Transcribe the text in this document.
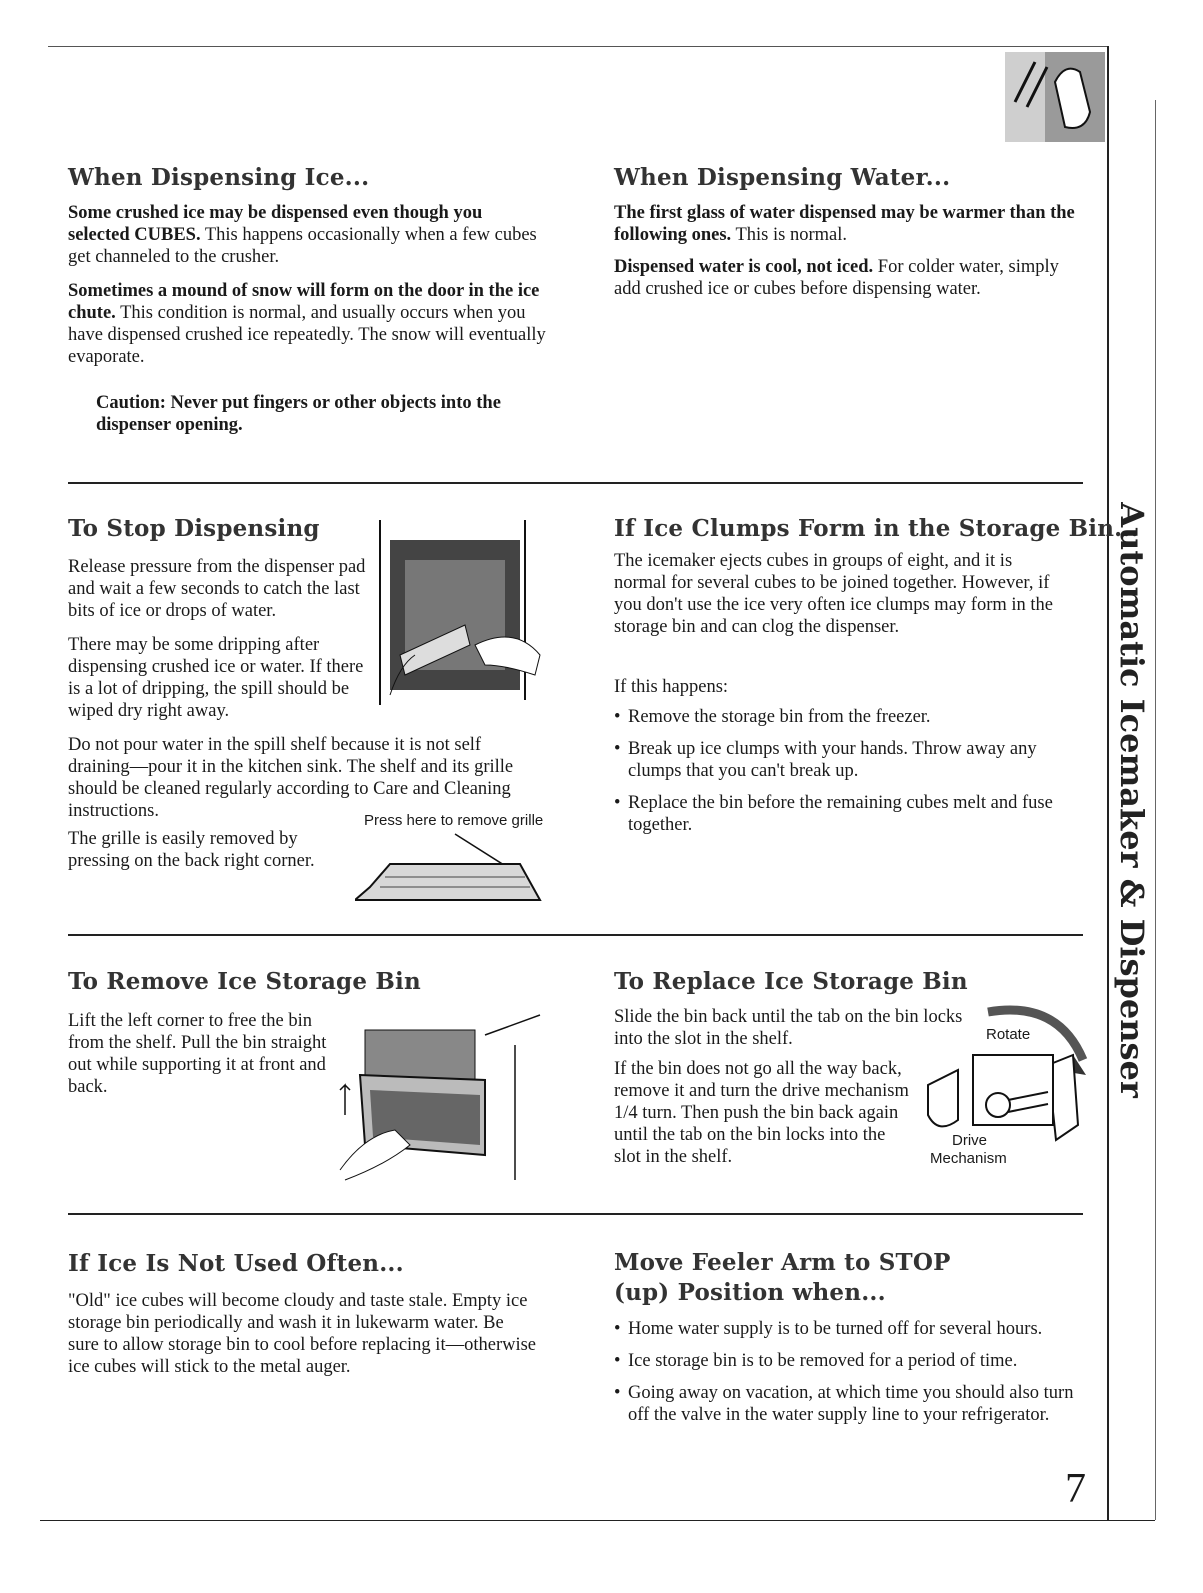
When Dispensing Ice...

Some crushed ice may be dispensed even though you selected CUBES. This happens occasionally when a few cubes get channeled to the crusher.

Sometimes a mound of snow will form on the door in the ice chute. This condition is normal, and usually occurs when you have dispensed crushed ice repeatedly. The snow will eventually evaporate.

Caution: Never put fingers or other objects into the dispenser opening.

When Dispensing Water...

The first glass of water dispensed may be warmer than the following ones. This is normal.

Dispensed water is cool, not iced. For colder water, simply add crushed ice or cubes before dispensing water.

To Stop Dispensing

Release pressure from the dispenser pad and wait a few seconds to catch the last bits of ice or drops of water.

There may be some dripping after dispensing crushed ice or water. If there is a lot of dripping, the spill should be wiped dry right away.

Do not pour water in the spill shelf because it is not self draining—pour it in the kitchen sink. The shelf and its grille should be cleaned regularly according to Care and Cleaning instructions.

The grille is easily removed by pressing on the back right corner.

Press here to remove grille
If Ice Clumps Form in the Storage Bin...

The icemaker ejects cubes in groups of eight, and it is normal for several cubes to be joined together. However, if you don't use the ice very often ice clumps may form in the storage bin and can clog the dispenser.

If this happens:

• Remove the storage bin from the freezer.
• Break up ice clumps with your hands. Throw away any clumps that you can't break up.
• Replace the bin before the remaining cubes melt and fuse together.
To Remove Ice Storage Bin

Lift the left corner to free the bin from the shelf. Pull the bin straight out while supporting it at front and back.

To Replace Ice Storage Bin

Slide the bin back until the tab on the bin locks into the slot in the shelf.

If the bin does not go all the way back, remove it and turn the drive mechanism 1/4 turn. Then push the bin back again until the tab on the bin locks into the slot in the shelf.

Rotate
Drive
Mechanism
If Ice Is Not Used Often...

"Old" ice cubes will become cloudy and taste stale. Empty ice storage bin periodically and wash it in lukewarm water. Be sure to allow storage bin to cool before replacing it—otherwise ice cubes will stick to the metal auger.

Move Feeler Arm to STOP (up) Position when...
• Home water supply is to be turned off for several hours.
• Ice storage bin is to be removed for a period of time.
• Going away on vacation, at which time you should also turn off the valve in the water supply line to your refrigerator.
Automatic Icemaker & Dispenser
7
